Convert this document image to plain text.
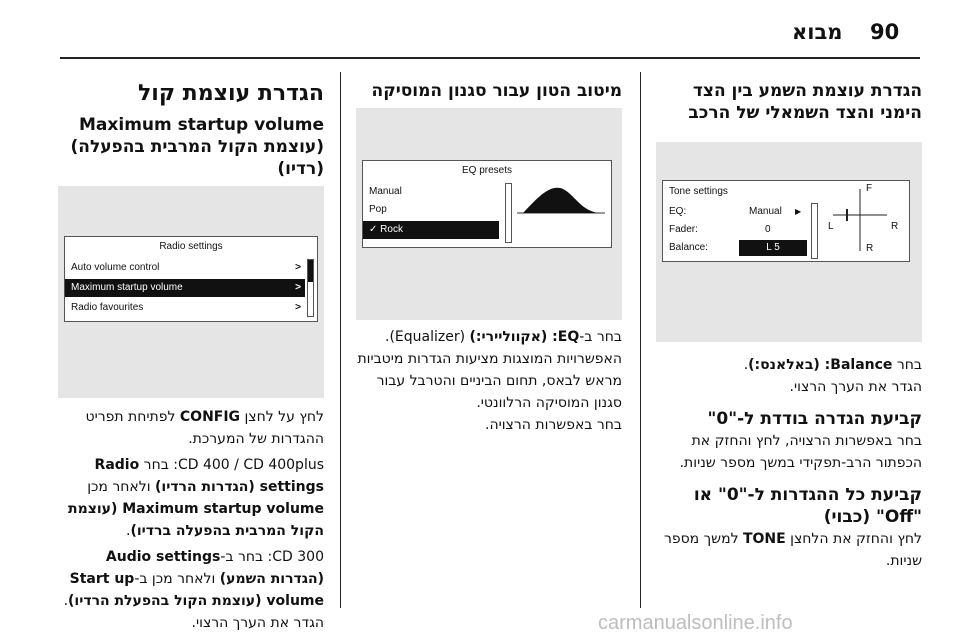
90
מבוא

הגדרת עוצמת השמע בין הצד הימני והצד השמאלי של הרכב

Tone settings
EQ:	Manual ▶
Fader:	0
Balance:	L 5
F
L	R
R

בחר Balance: (באלאנס:).

הגדר את הערך הרצוי.

קביעת הגדרה בודדת ל-"0"

בחר באפשרות הרצויה, לחץ והחזק את הכפתור הרב-תפקידי במשך מספר שניות.

קביעת כל ההגדרות ל-"0" או "Off" (כבוי)

לחץ והחזק את הלחצן TONE למשך מספר שניות.

מיטוב הטון עבור סגנון המוסיקה

EQ presets
Manual
Pop
✓ Rock

בחר ב-EQ: (אקווליירי:) (Equalizer).

האפשרויות המוצגות מציעות הגדרות מיטביות מראש לבאס, תחום הביניים והטרבל עבור סגנון המוסיקה הרלוונטי.

בחר באפשרות הרצויה.

הגדרת עוצמת קול

Maximum startup volume (עוצמת הקול המרבית בהפעלה) (רדיו)

Radio settings
Auto volume control	>
Maximum startup volume	>
Radio favourites	>

לחץ על לחצן CONFIG לפתיחת תפריט ההגדרות של המערכת.

CD 400 / CD 400plus: בחר Radio settings (הגדרות הרדיו) ולאחר מכן Maximum startup volume (עוצמת הקול המרבית בהפעלה ברדיו).

CD 300: בחר ב-Audio settings (הגדרות השמע) ולאחר מכן ב-Start up volume (עוצמת הקול בהפעלת הרדיו).

הגדר את הערך הרצוי.	carmanualsonline.info
